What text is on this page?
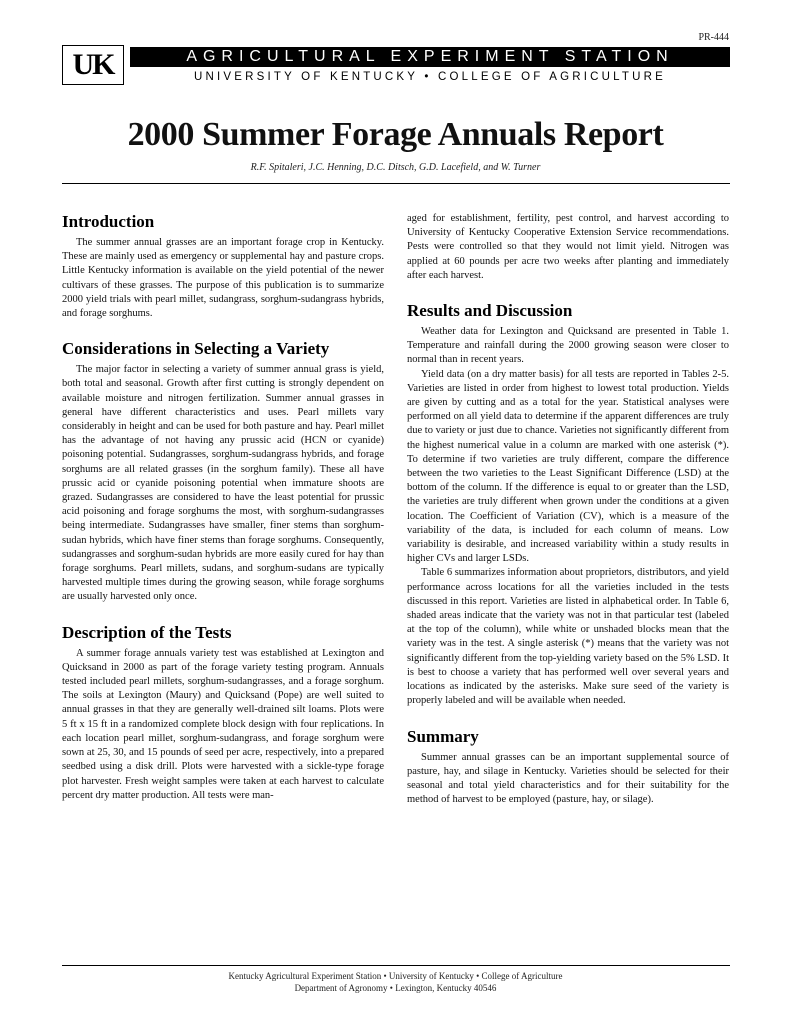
PR-444
UK	AGRICULTURAL EXPERIMENT STATION
UNIVERSITY OF KENTUCKY • COLLEGE OF AGRICULTURE
2000 Summer Forage Annuals Report
R.F. Spitaleri, J.C. Henning, D.C. Ditsch, G.D. Lacefield, and W. Turner
Introduction

The summer annual grasses are an important forage crop in Kentucky. These are mainly used as emergency or supplemental hay and pasture crops. Little Kentucky information is available on the yield potential of the newer cultivars of these grasses. The purpose of this publication is to summarize 2000 yield trials with pearl millet, sudangrass, sorghum-sudangrass hybrids, and forage sorghums.

Considerations in Selecting a Variety

The major factor in selecting a variety of summer annual grass is yield, both total and seasonal. Growth after first cutting is strongly dependent on available moisture and nitrogen fertilization. Summer annual grasses in general have different characteristics and uses. Pearl millets vary considerably in height and can be used for both pasture and hay. Pearl millet has the advantage of not having any prussic acid (HCN or cyanide) poisoning potential. Sudangrasses, sorghum-sudangrass hybrids, and forage sorghums are all related grasses (in the sorghum family). These all have prussic acid or cyanide poisoning potential when immature shoots are grazed. Sudangrasses are considered to have the least potential for prussic acid poisoning and forage sorghums the most, with sorghum-sudangrasses being intermediate. Sudangrasses have smaller, finer stems than sorghum-sudan hybrids, which have finer stems than forage sorghums. Consequently, sudangrasses and sorghum-sudan hybrids are more easily cured for hay than forage sorghums. Pearl millets, sudans, and sorghum-sudans are typically harvested multiple times during the growing season, while forage sorghums are usually harvested only once.

Description of the Tests

A summer forage annuals variety test was established at Lexington and Quicksand in 2000 as part of the forage variety testing program. Annuals tested included pearl millets, sorghum-sudangrasses, and a forage sorghum. The soils at Lexington (Maury) and Quicksand (Pope) are well suited to annual grasses in that they are generally well-drained silt loams. Plots were 5 ft x 15 ft in a randomized complete block design with four replications. In each location pearl millet, sorghum-sudangrass, and forage sorghum were sown at 25, 30, and 15 pounds of seed per acre, respectively, into a prepared seedbed using a disk drill. Plots were harvested with a sickle-type forage plot harvester. Fresh weight samples were taken at each harvest to calculate percent dry matter production. All tests were man-

aged for establishment, fertility, pest control, and harvest according to University of Kentucky Cooperative Extension Service recommendations. Pests were controlled so that they would not limit yield. Nitrogen was applied at 60 pounds per acre two weeks after planting and immediately after each harvest.

Results and Discussion

Weather data for Lexington and Quicksand are presented in Table 1. Temperature and rainfall during the 2000 growing season were closer to normal than in recent years.

Yield data (on a dry matter basis) for all tests are reported in Tables 2-5. Varieties are listed in order from highest to lowest total production. Yields are given by cutting and as a total for the year. Statistical analyses were performed on all yield data to determine if the apparent differences are truly due to variety or just due to chance. Varieties not significantly different from the highest numerical value in a column are marked with one asterisk (*). To determine if two varieties are truly different, compare the difference between the two varieties to the Least Significant Difference (LSD) at the bottom of the column. If the difference is equal to or greater than the LSD, the varieties are truly different when grown under the conditions at a given location. The Coefficient of Variation (CV), which is a measure of the variability of the data, is included for each column of means. Low variability is desirable, and increased variability within a study results in higher CVs and larger LSDs.

Table 6 summarizes information about proprietors, distributors, and yield performance across locations for all the varieties included in the tests discussed in this report. Varieties are listed in alphabetical order. In Table 6, shaded areas indicate that the variety was not in that particular test (labeled at the top of the column), while white or unshaded blocks mean that the variety was in the test. A single asterisk (*) means that the variety was not significantly different from the top-yielding variety based on the 5% LSD. It is best to choose a variety that has performed well over several years and locations as indicated by the asterisks. Make sure seed of the variety is properly labeled and will be available when needed.

Summary

Summer annual grasses can be an important supplemental source of pasture, hay, and silage in Kentucky. Varieties should be selected for their seasonal and total yield characteristics and for their suitability for the method of harvest to be employed (pasture, hay, or silage).

Kentucky Agricultural Experiment Station • University of Kentucky • College of Agriculture
Department of Agronomy • Lexington, Kentucky 40546
